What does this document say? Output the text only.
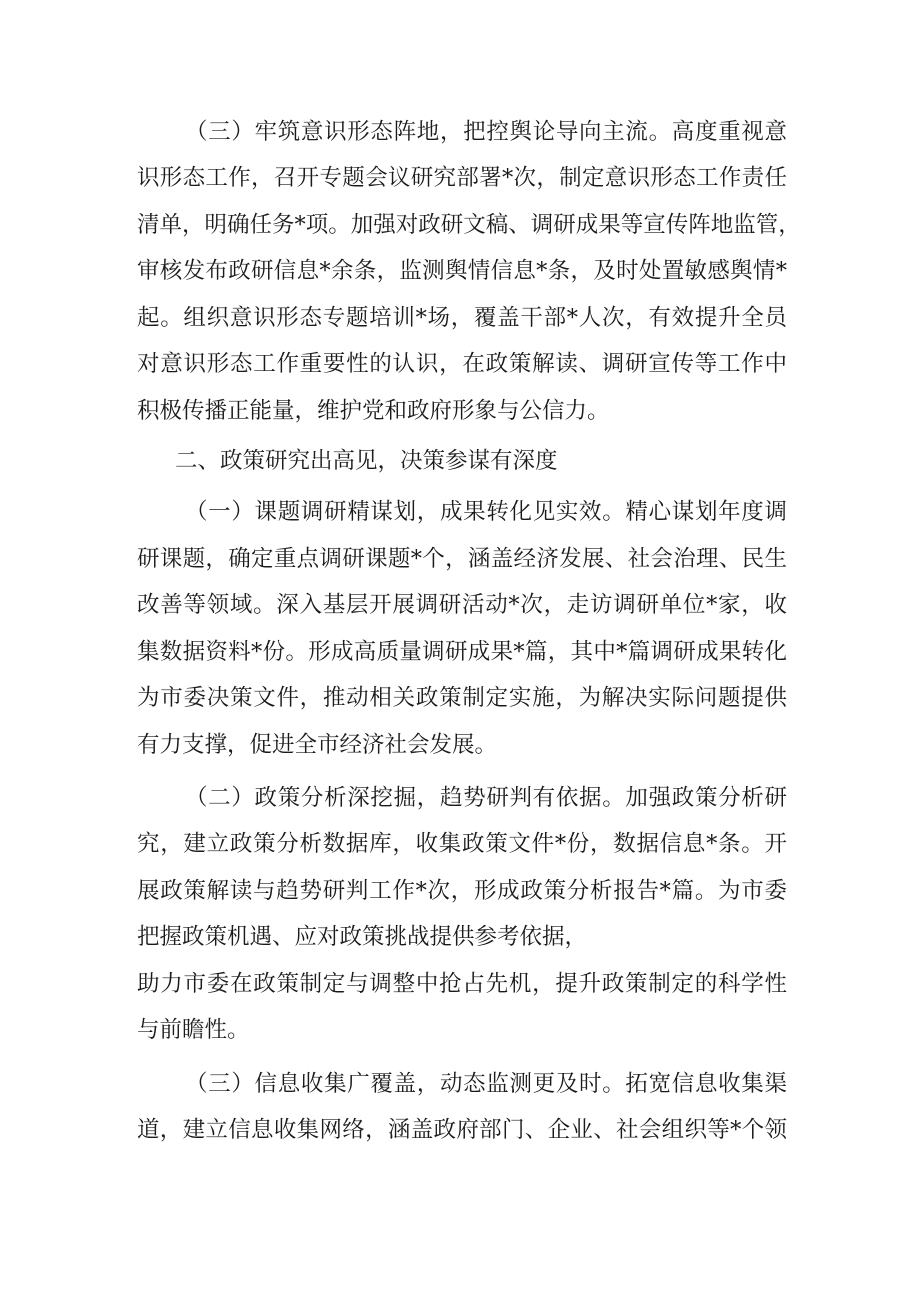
（三）牢筑意识形态阵地，把控舆论导向主流。高度重视意
识形态工作，召开专题会议研究部署*次，制定意识形态工作责任
清单，明确任务*项。加强对政研文稿、调研成果等宣传阵地监管，
审核发布政研信息*余条，监测舆情信息*条，及时处置敏感舆情*
起。组织意识形态专题培训*场，覆盖干部*人次，有效提升全员
对意识形态工作重要性的认识，在政策解读、调研宣传等工作中
积极传播正能量，维护党和政府形象与公信力。
二、政策研究出高见，决策参谋有深度
（一）课题调研精谋划，成果转化见实效。精心谋划年度调
研课题，确定重点调研课题*个，涵盖经济发展、社会治理、民生
改善等领域。深入基层开展调研活动*次，走访调研单位*家，收
集数据资料*份。形成高质量调研成果*篇，其中*篇调研成果转化
为市委决策文件，推动相关政策制定实施，为解决实际问题提供
有力支撑，促进全市经济社会发展。
（二）政策分析深挖掘，趋势研判有依据。加强政策分析研
究，建立政策分析数据库，收集政策文件*份，数据信息*条。开
展政策解读与趋势研判工作*次，形成政策分析报告*篇。为市委
把握政策机遇、应对政策挑战提供参考依据，
助力市委在政策制定与调整中抢占先机，提升政策制定的科学性
与前瞻性。
（三）信息收集广覆盖，动态监测更及时。拓宽信息收集渠
道，建立信息收集网络，涵盖政府部门、企业、社会组织等*个领
